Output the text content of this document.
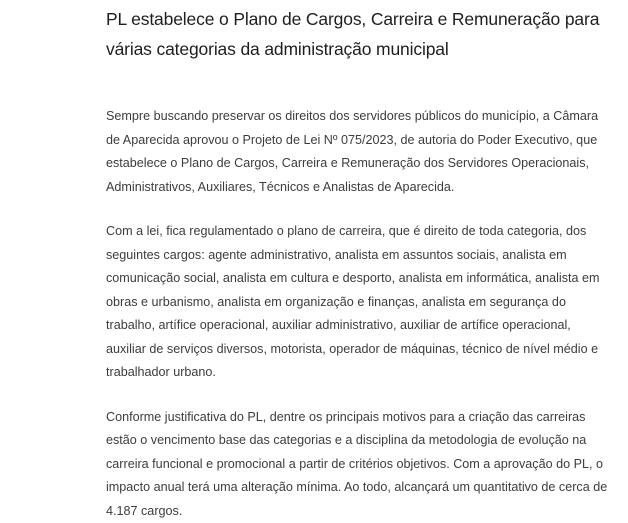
PL estabelece o Plano de Cargos, Carreira e Remuneração para várias categorias da administração municipal

Sempre buscando preservar os direitos dos servidores públicos do município, a Câmara de Aparecida aprovou o Projeto de Lei Nº 075/2023, de autoria do Poder Executivo, que estabelece o Plano de Cargos, Carreira e Remuneração dos Servidores Operacionais, Administrativos, Auxiliares, Técnicos e Analistas de Aparecida.

Com a lei, fica regulamentado o plano de carreira, que é direito de toda categoria, dos seguintes cargos: agente administrativo, analista em assuntos sociais, analista em comunicação social, analista em cultura e desporto, analista em informática, analista em obras e urbanismo, analista em organização e finanças, analista em segurança do trabalho, artífice operacional, auxiliar administrativo, auxiliar de artífice operacional, auxiliar de serviços diversos, motorista, operador de máquinas, técnico de nível médio e trabalhador urbano.

Conforme justificativa do PL, dentre os principais motivos para a criação das carreiras estão o vencimento base das categorias e a disciplina da metodologia de evolução na carreira funcional e promocional a partir de critérios objetivos. Com a aprovação do PL, o impacto anual terá uma alteração mínima. Ao todo, alcançará um quantitativo de cerca de 4.187 cargos.
